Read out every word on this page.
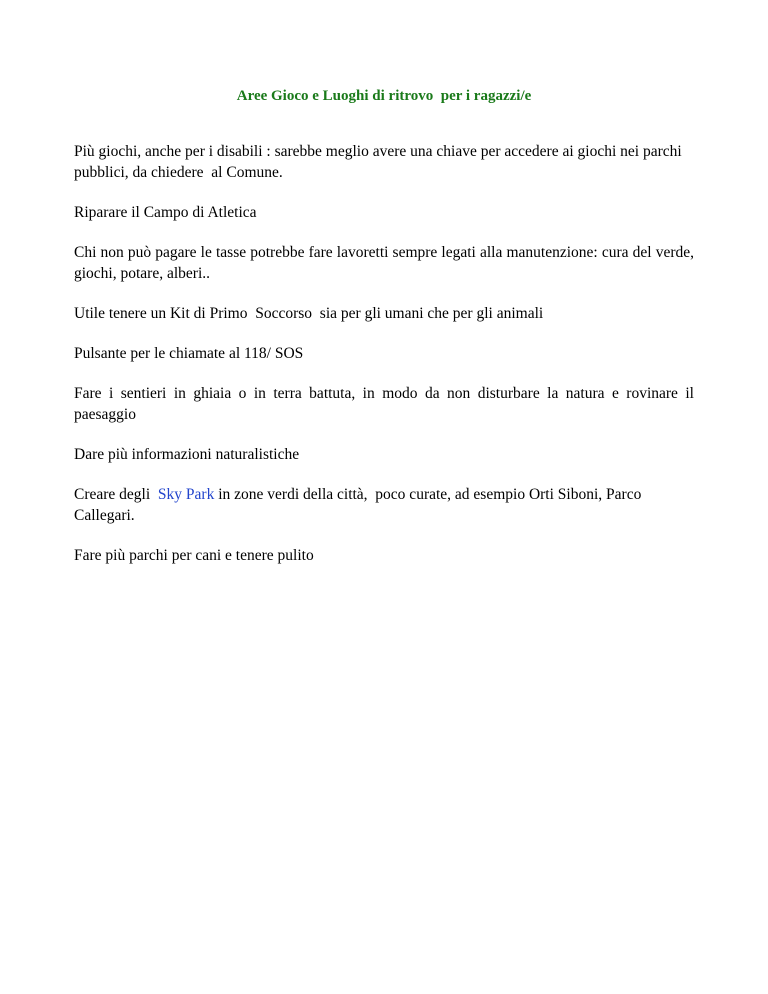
Aree Gioco e Luoghi di ritrovo  per i ragazzi/e

Più giochi, anche per i disabili : sarebbe meglio avere una chiave per accedere ai giochi nei parchi pubblici, da chiedere  al Comune.

Riparare il Campo di Atletica

Chi non può pagare le tasse potrebbe fare lavoretti sempre legati alla manutenzione: cura del verde, giochi, potare, alberi..

Utile tenere un Kit di Primo  Soccorso  sia per gli umani che per gli animali

Pulsante per le chiamate al 118/ SOS

Fare i sentieri in ghiaia o in terra battuta, in modo da non disturbare la natura e rovinare il paesaggio

Dare più informazioni naturalistiche

Creare degli  Sky Park in zone verdi della città,  poco curate, ad esempio Orti Siboni, Parco Callegari.

Fare più parchi per cani e tenere pulito
